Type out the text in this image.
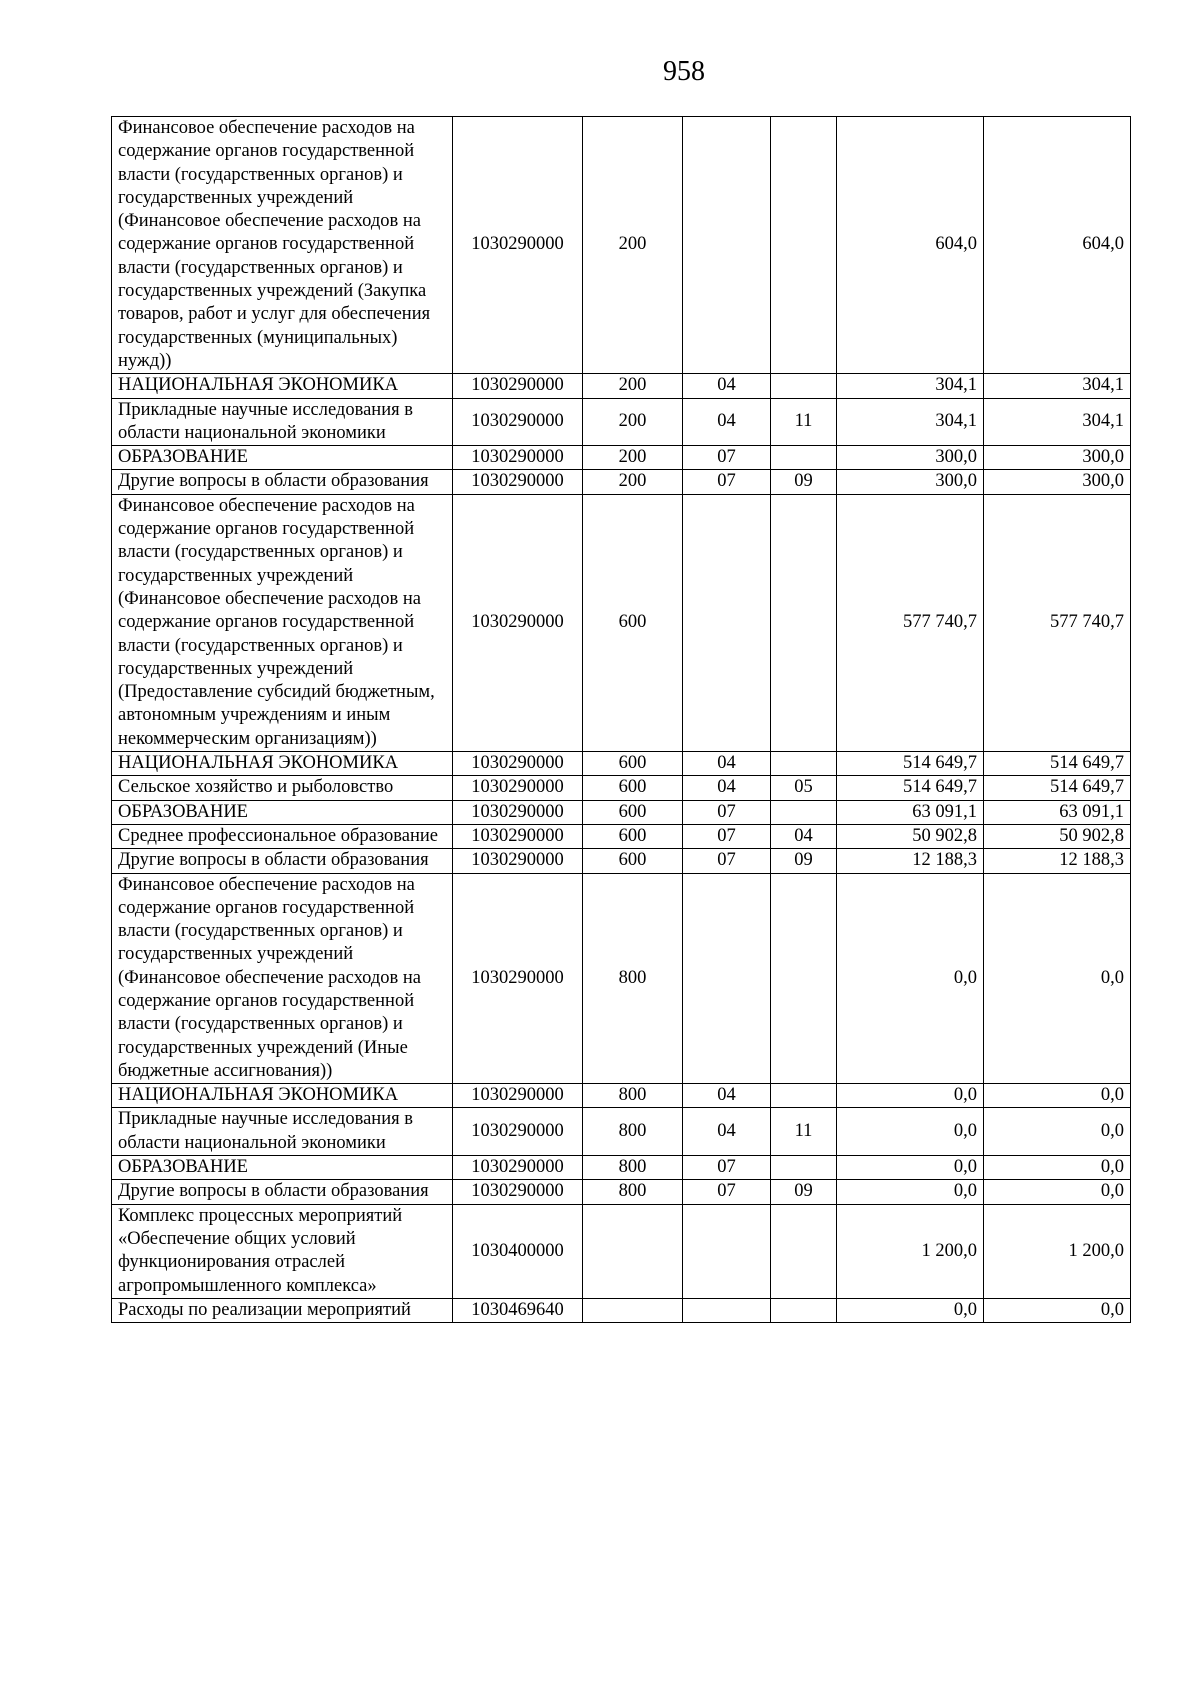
958
Финансовое обеспечение расходов на содержание органов государственной власти (государственных органов) и государственных учреждений (Финансовое обеспечение расходов на содержание органов государственной власти (государственных органов) и государственных учреждений (Закупка товаров, работ и услуг для обеспечения государственных (муниципальных) нужд))	1030290000	200			604,0	604,0
НАЦИОНАЛЬНАЯ ЭКОНОМИКА	1030290000	200	04		304,1	304,1
Прикладные научные исследования в области национальной экономики	1030290000	200	04	11	304,1	304,1
ОБРАЗОВАНИЕ	1030290000	200	07		300,0	300,0
Другие вопросы в области образования	1030290000	200	07	09	300,0	300,0
Финансовое обеспечение расходов на содержание органов государственной власти (государственных органов) и государственных учреждений (Финансовое обеспечение расходов на содержание органов государственной власти (государственных органов) и государственных учреждений (Предоставление субсидий бюджетным, автономным учреждениям и иным некоммерческим организациям))	1030290000	600			577 740,7	577 740,7
НАЦИОНАЛЬНАЯ ЭКОНОМИКА	1030290000	600	04		514 649,7	514 649,7
Сельское хозяйство и рыболовство	1030290000	600	04	05	514 649,7	514 649,7
ОБРАЗОВАНИЕ	1030290000	600	07		63 091,1	63 091,1
Среднее профессиональное образование	1030290000	600	07	04	50 902,8	50 902,8
Другие вопросы в области образования	1030290000	600	07	09	12 188,3	12 188,3
Финансовое обеспечение расходов на содержание органов государственной власти (государственных органов) и государственных учреждений (Финансовое обеспечение расходов на содержание органов государственной власти (государственных органов) и государственных учреждений (Иные бюджетные ассигнования))	1030290000	800			0,0	0,0
НАЦИОНАЛЬНАЯ ЭКОНОМИКА	1030290000	800	04		0,0	0,0
Прикладные научные исследования в области национальной экономики	1030290000	800	04	11	0,0	0,0
ОБРАЗОВАНИЕ	1030290000	800	07		0,0	0,0
Другие вопросы в области образования	1030290000	800	07	09	0,0	0,0
Комплекс процессных мероприятий «Обеспечение общих условий функционирования отраслей агропромышленного комплекса»	1030400000				1 200,0	1 200,0
Расходы по реализации мероприятий	1030469640				0,0	0,0
